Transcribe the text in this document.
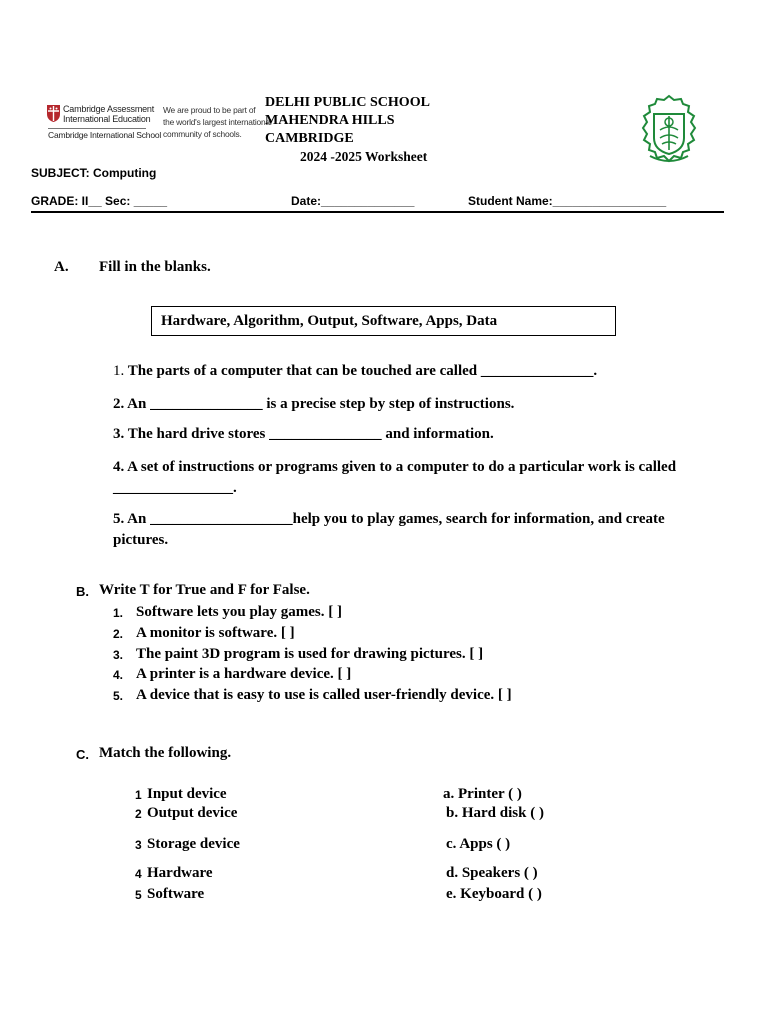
Cambridge Assessment
International Education
Cambridge International School
We are proud to be part of
the world's largest international
community of schools.
DELHI PUBLIC SCHOOL
MAHENDRA HILLS
CAMBRIDGE
2024 -2025 Worksheet
SUBJECT: Computing
GRADE: II__ Sec: _____	Date:______________	Student Name:_________________
A. Fill in the blanks.
Hardware, Algorithm, Output, Software, Apps, Data
1. The parts of a computer that can be touched are called _______________.
2. An _______________ is a precise step by step of instructions.
3. The hard drive stores _______________ and information.
4. A set of instructions or programs given to a computer to do a particular work is called ________________.
5. An ___________________help you to play games, search for information, and create pictures.
B. Write T for True and F for False.
1. Software lets you play games. [ ]
2. A monitor is software. [ ]
3. The paint 3D program is used for drawing pictures. [ ]
4. A printer is a hardware device. [ ]
5. A device that is easy to use is called user-friendly device. [ ]
C. Match the following.
1 Input device	a. Printer ( )
2 Output device	b. Hard disk ( )
3 Storage device	c. Apps ( )
4 Hardware	d. Speakers ( )
5 Software	e. Keyboard ( )
